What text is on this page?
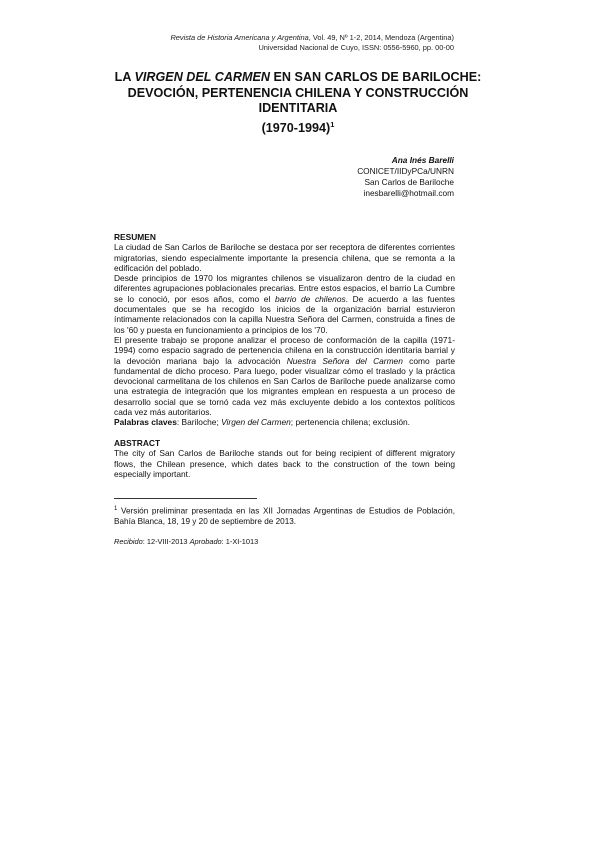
Revista de Historia Americana y Argentina, Vol. 49, Nº 1-2, 2014, Mendoza (Argentina)
Universidad Nacional de Cuyo, ISSN: 0556-5960, pp. 00-00
LA VIRGEN DEL CARMEN EN SAN CARLOS DE BARILOCHE: DEVOCIÓN, PERTENENCIA CHILENA Y CONSTRUCCIÓN IDENTITARIA
(1970-1994)$^1$
Ana Inés Barelli
CONICET/IIDyPCa/UNRN
San Carlos de Bariloche
inesbarelli@hotmail.com

RESUMEN

La ciudad de San Carlos de Bariloche se destaca por ser receptora de diferentes corrientes migratorias, siendo especialmente importante la presencia chilena, que se remonta a la edificación del poblado.

Desde principios de 1970 los migrantes chilenos se visualizaron dentro de la ciudad en diferentes agrupaciones poblacionales precarias. Entre estos espacios, el barrio La Cumbre se lo conoció, por esos años, como el barrio de chilenos. De acuerdo a las fuentes documentales que se ha recogido los inicios de la organización barrial estuvieron íntimamente relacionados con la capilla Nuestra Señora del Carmen, construida a fines de los '60 y puesta en funcionamiento a principios de los '70.

El presente trabajo se propone analizar el proceso de conformación de la capilla (1971-1994) como espacio sagrado de pertenencia chilena en la construcción identitaria barrial y la devoción mariana bajo la advocación Nuestra Señora del Carmen como parte fundamental de dicho proceso. Para luego, poder visualizar cómo el traslado y la práctica devocional carmelitana de los chilenos en San Carlos de Bariloche puede analizarse como una estrategia de integración que los migrantes emplean en respuesta a un proceso de desarrollo social que se tornó cada vez más excluyente debido a los contextos políticos cada vez más autoritarios.

Palabras claves: Bariloche; Virgen del Carmen; pertenencia chilena; exclusión.

ABSTRACT

The city of San Carlos de Bariloche stands out for being recipient of different migratory flows, the Chilean presence, which dates back to the construction of the town being especially important.

$^1$ Versión preliminar presentada en las XII Jornadas Argentinas de Estudios de Población, Bahía Blanca, 18, 19 y 20 de septiembre de 2013.
Recibido: 12-VIII-2013 Aprobado: 1-XI-1013
